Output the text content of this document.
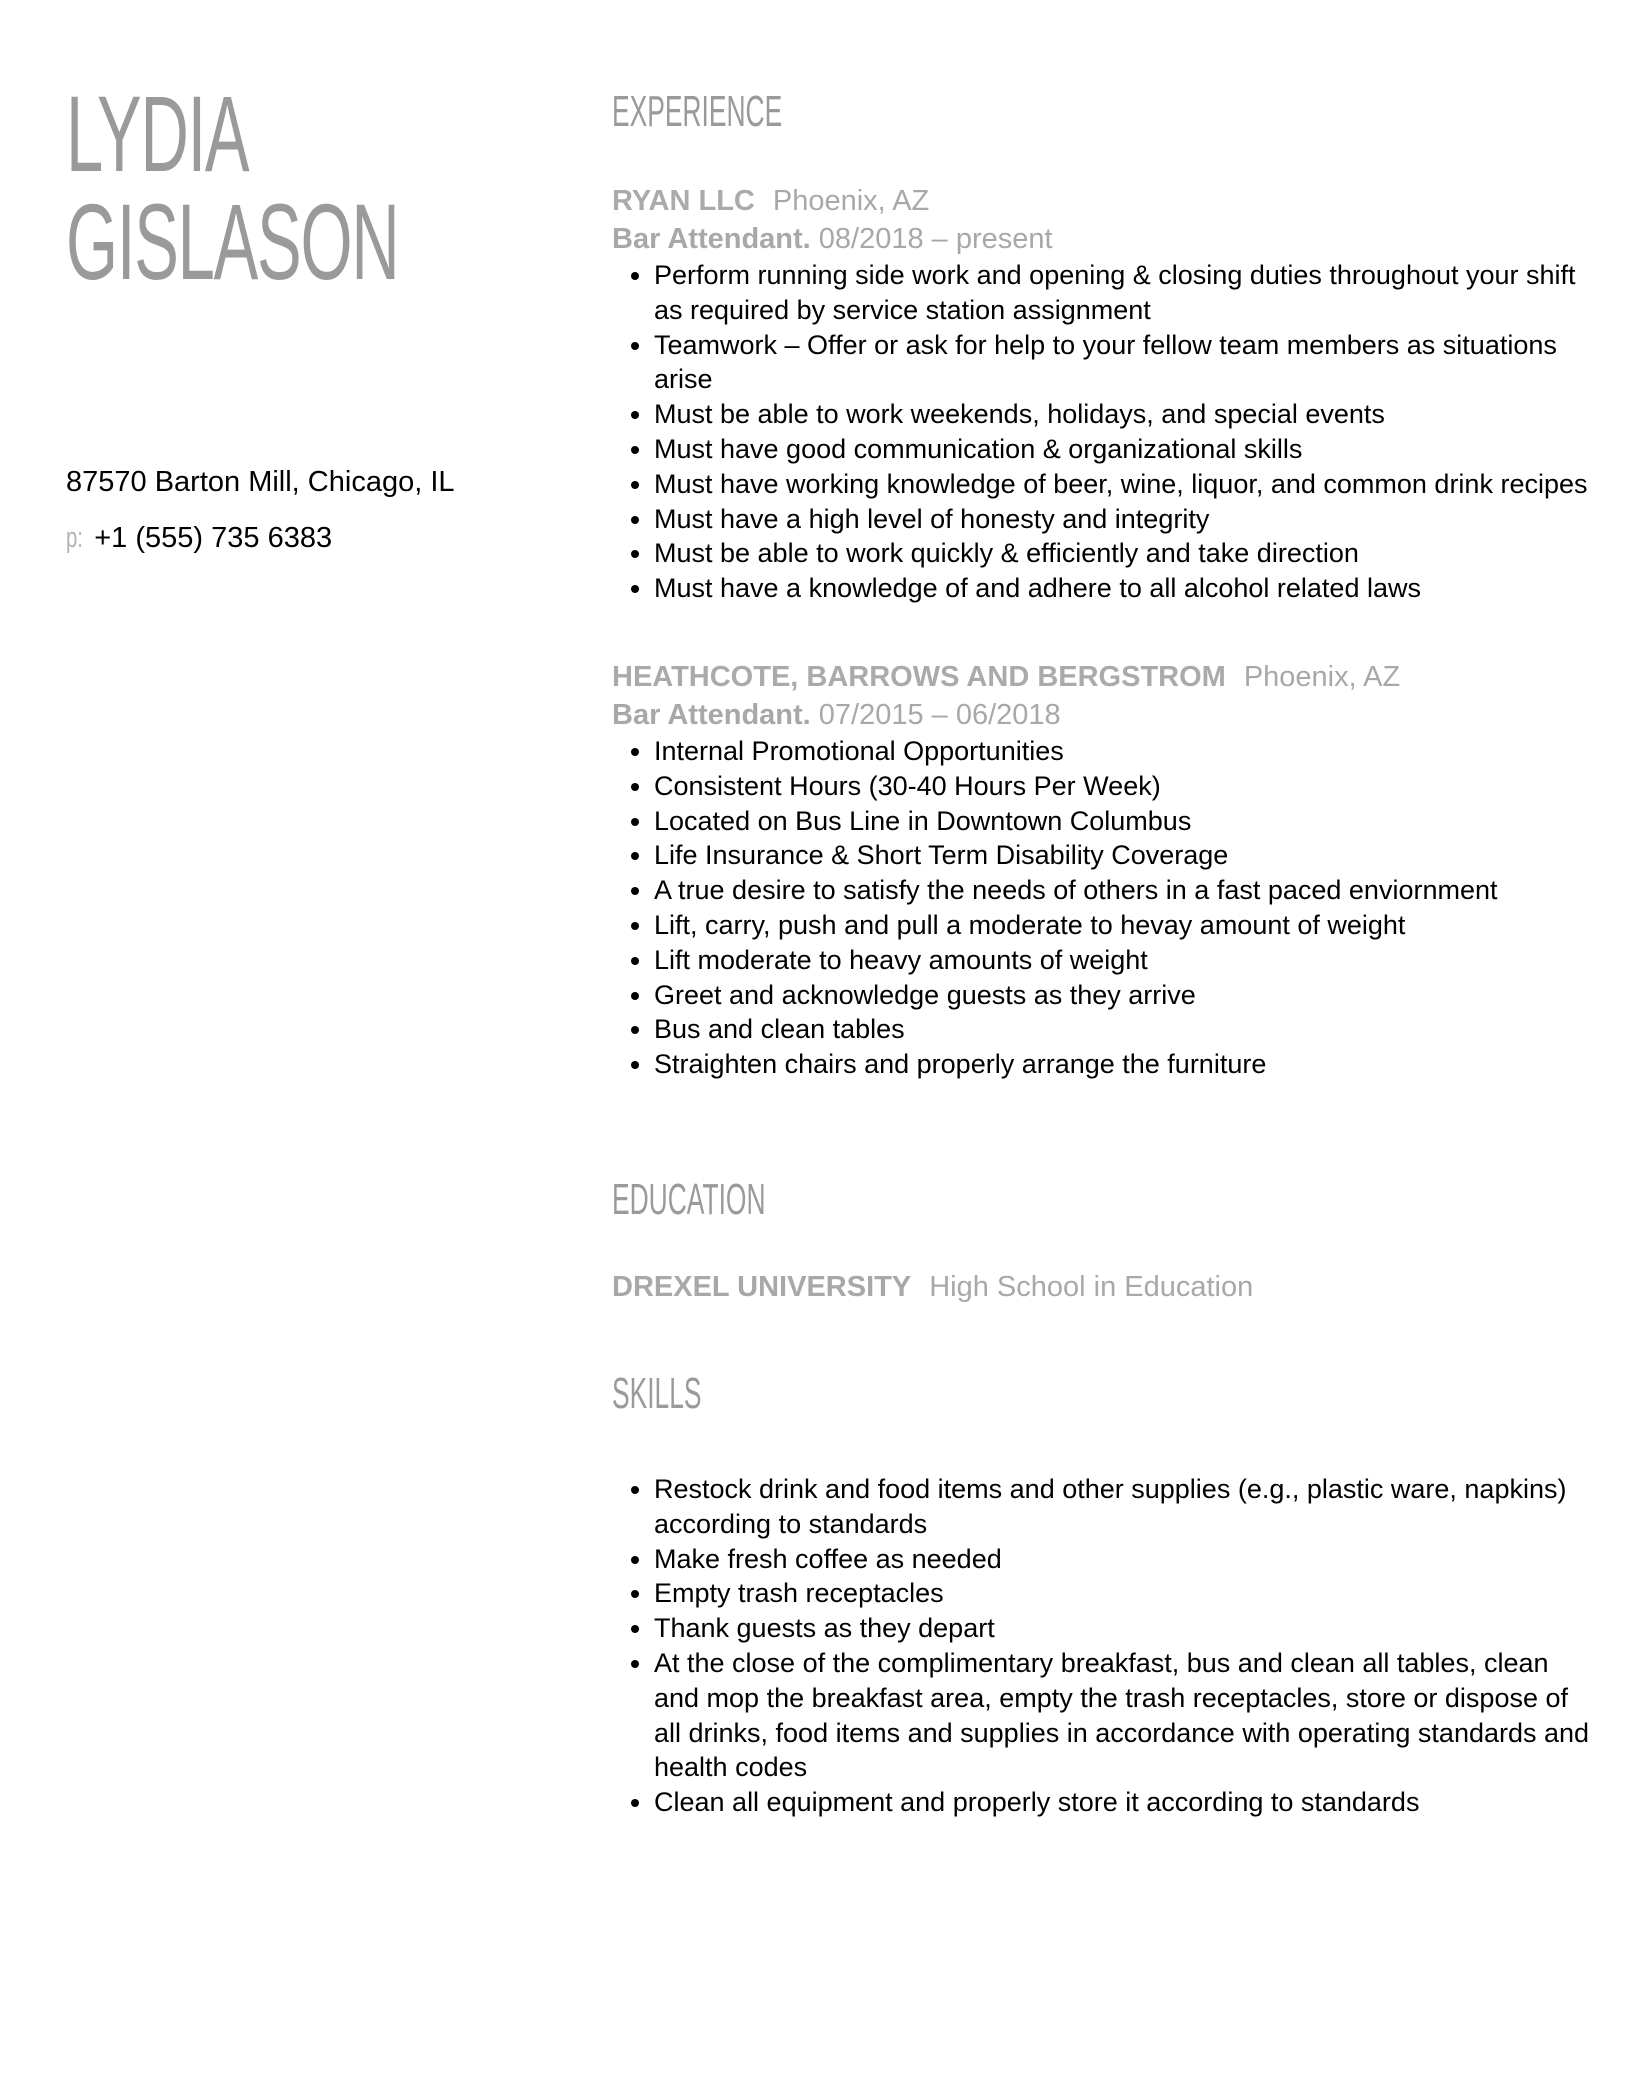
LYDIA
GISLASON
87570 Barton Mill, Chicago, IL
p: +1 (555) 735 6383
EXPERIENCE
RYAN LLC Phoenix, AZ
Bar Attendant. 08/2018 – present
• Perform running side work and opening & closing duties throughout your shift as required by service station assignment
• Teamwork – Offer or ask for help to your fellow team members as situations arise
• Must be able to work weekends, holidays, and special events
• Must have good communication & organizational skills
• Must have working knowledge of beer, wine, liquor, and common drink recipes
• Must have a high level of honesty and integrity
• Must be able to work quickly & efficiently and take direction
• Must have a knowledge of and adhere to all alcohol related laws
HEATHCOTE, BARROWS AND BERGSTROM Phoenix, AZ
Bar Attendant. 07/2015 – 06/2018
• Internal Promotional Opportunities
• Consistent Hours (30-40 Hours Per Week)
• Located on Bus Line in Downtown Columbus
• Life Insurance & Short Term Disability Coverage
• A true desire to satisfy the needs of others in a fast paced enviornment
• Lift, carry, push and pull a moderate to hevay amount of weight
• Lift moderate to heavy amounts of weight
• Greet and acknowledge guests as they arrive
• Bus and clean tables
• Straighten chairs and properly arrange the furniture
EDUCATION
DREXEL UNIVERSITY High School in Education
SKILLS
• Restock drink and food items and other supplies (e.g., plastic ware, napkins) according to standards
• Make fresh coffee as needed
• Empty trash receptacles
• Thank guests as they depart
• At the close of the complimentary breakfast, bus and clean all tables, clean and mop the breakfast area, empty the trash receptacles, store or dispose of all drinks, food items and supplies in accordance with operating standards and health codes
• Clean all equipment and properly store it according to standards
